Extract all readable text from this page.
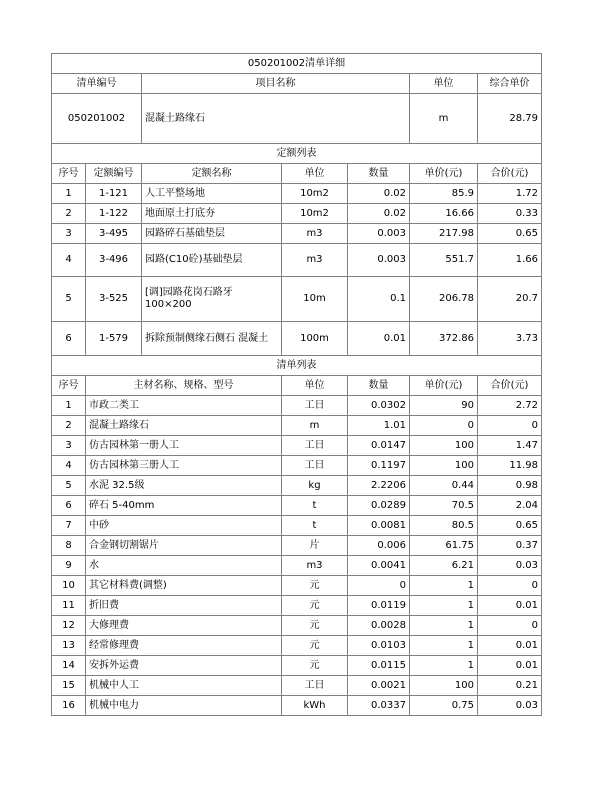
050201002清单详细						
清单编号		项目名称			单位	综合单价
050201002		混凝土路缘石			m	28.79
定额列表						
序号	定额编号	定额名称	单位	数量	单价(元)	合价(元)
1	1-121	人工平整场地	10m2	0.02	85.9	1.72
2	1-122	地面原土打底夯	10m2	0.02	16.66	0.33
3	3-495	园路碎石基础垫层	m3	0.003	217.98	0.65
4	3-496	园路(C10砼)基础垫层	m3	0.003	551.7	1.66
5	3-525	[调]园路花岗石路牙 100×200	10m	0.1	206.78	20.7
6	1-579	拆除预制侧缘石侧石 混凝土	100m	0.01	372.86	3.73
清单列表						
序号	主材名称、规格、型号		单位	数量	单价(元)	合价(元)
1	市政二类工		工日	0.0302	90	2.72
2	混凝土路缘石		m	1.01	0	0
3	仿古园林第一册人工		工日	0.0147	100	1.47
4	仿古园林第三册人工		工日	0.1197	100	11.98
5	水泥 32.5级		kg	2.2206	0.44	0.98
6	碎石 5-40mm		t	0.0289	70.5	2.04
7	中砂		t	0.0081	80.5	0.65
8	合金钢切割锯片		片	0.006	61.75	0.37
9	水		m3	0.0041	6.21	0.03
10	其它材料费(调整)		元	0	1	0
11	折旧费		元	0.0119	1	0.01
12	大修理费		元	0.0028	1	0
13	经常修理费		元	0.0103	1	0.01
14	安拆外运费		元	0.0115	1	0.01
15	机械中人工		工日	0.0021	100	0.21
16	机械中电力		kWh	0.0337	0.75	0.03
